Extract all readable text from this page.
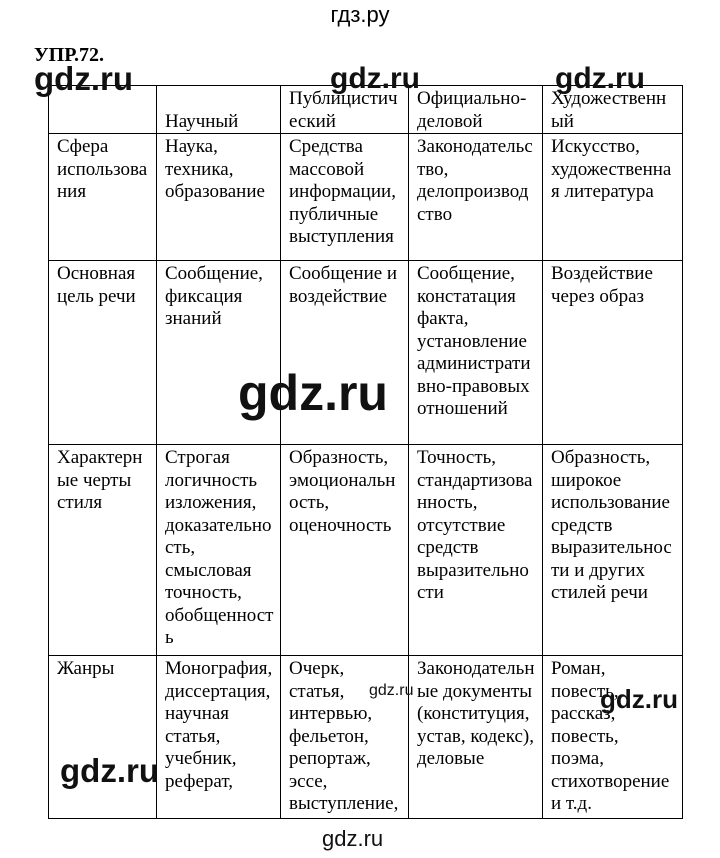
гдз.ру
УПР.72.
	Научный	Публицистический	Официально-деловой	Художественный
Сфера использования	Наука, техника, образование	Средства массовой информации, публичные выступления	Законодательство, делопроизводство	Искусство, художественная литература
Основная цель речи	Сообщение, фиксация знаний	Сообщение и воздействие	Сообщение, констатация факта, установление административно-правовых отношений	Воздействие через образ
Характерные черты стиля	Строгая логичность изложения, доказательность, смысловая точность, обобщенность	Образность, эмоциональность, оценочность	Точность, стандартизованность, отсутствие средств выразительности	Образность, широкое использование средств выразительности и других стилей речи
Жанры	Монография, диссертация, научная статья, учебник, реферат,	Очерк, статья, интервью, фельетон, репортаж, эссе, выступление,	Законодательные документы (конституция, устав, кодекс), деловые	Роман, повесть, рассказ, повесть, поэма, стихотворение и т.д.
gdz.ru	gdz.ru	gdz.ru
gdz.ru
gdz.ru	gdz.ru
gdz.ru
gdz.ru
